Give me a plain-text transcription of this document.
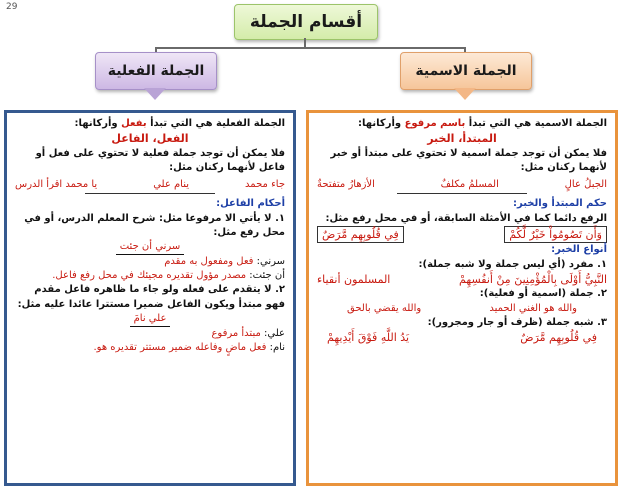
29
أقسام الجملة
الجملة الفعلية	الجملة الاسمية

الجملة الفعلية هي التي تبدأ بفعل وأركانها:

الفعل، الفاعل

فلا يمكن أن توجد جملة فعلية لا تحتوي على فعل أو فاعل لأنهما ركنان مثل:

جاء محمد
ينام علي
يا محمد اقرأ الدرس

أحكام الفاعل:

١. لا يأتي الا مرفوعا مثل: شرح المعلم الدرس، أو في محل رفع مثل:

سرني أن جئت

سرني: فعل ومفعول به مقدم

أن جئت: مصدر مؤول تقديره مجيئك في محل رفع فاعل.

٢. لا يتقدم على فعله ولو جاء ما ظاهره فاعل مقدم فهو مبتدأ ويكون الفاعل ضميرا مستترا عائدا عليه مثل:

علي نامَ

علي: مبتدأ مرفوع

نام: فعل ماضٍ وفاعله ضمير مستتر تقديره هو.

الجملة الاسمية هي التي تبدأ باسم مرفوع وأركانها:

المبتدأ، الخبر

فلا يمكن أن توجد جملة اسمية لا تحتوي على مبتدأ أو خبر لأنهما ركنان مثل:

الجبلُ عالٍ
المسلمُ مكلفٌ
الأزهارُ متفتحةٌ

حكم المبتدأ والخبر:

الرفع دائما كما في الأمثلة السابقة، أو في محل رفع مثل:

وَأَن تَصُومُواْ خَيْرٌ لَّكُمْ
فِي قُلُوبِهِم مَّرَضٌ

أنواع الخبر:

١. مفرد (أي ليس جملة ولا شبه جملة):

النَّبِيُّ أَوْلَى بِالْمُؤْمِنِينَ مِنْ أَنفُسِهِمْ
المسلمون أنقياء

٢. جملة (اسمية أو فعلية):

والله هو الغني الحميد
والله يقضي بالحق

٣. شبه جملة (ظرف أو جار ومجرور):

فِي قُلُوبِهِم مَّرَضٌ
يَدُ اللَّهِ فَوْقَ أَيْدِيهِمْ
